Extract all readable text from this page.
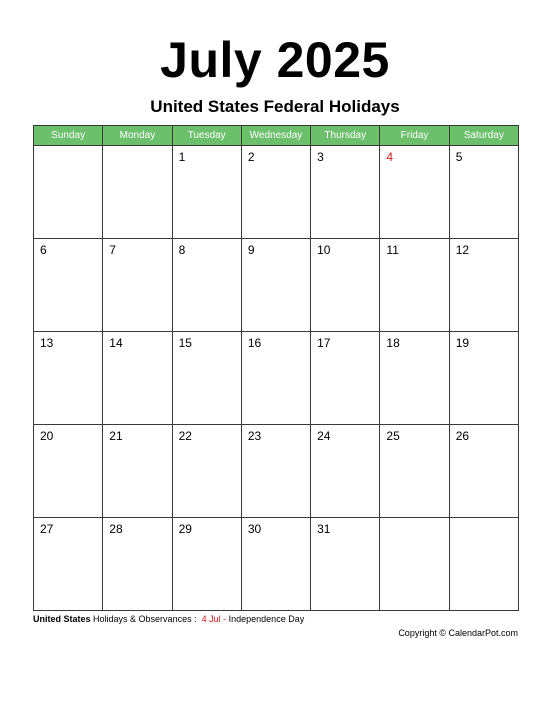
July 2025
United States Federal Holidays
Sunday	Monday	Tuesday	Wednesday	Thursday	Friday	Saturday

		1	2	3	4	5

6	7	8	9	10	11	12

13	14	15	16	17	18	19

20	21	22	23	24	25	26

27	28	29	30	31		

United States Holidays & Observances : 4 Jul - Independence Day
Copyright © CalendarPot.com
